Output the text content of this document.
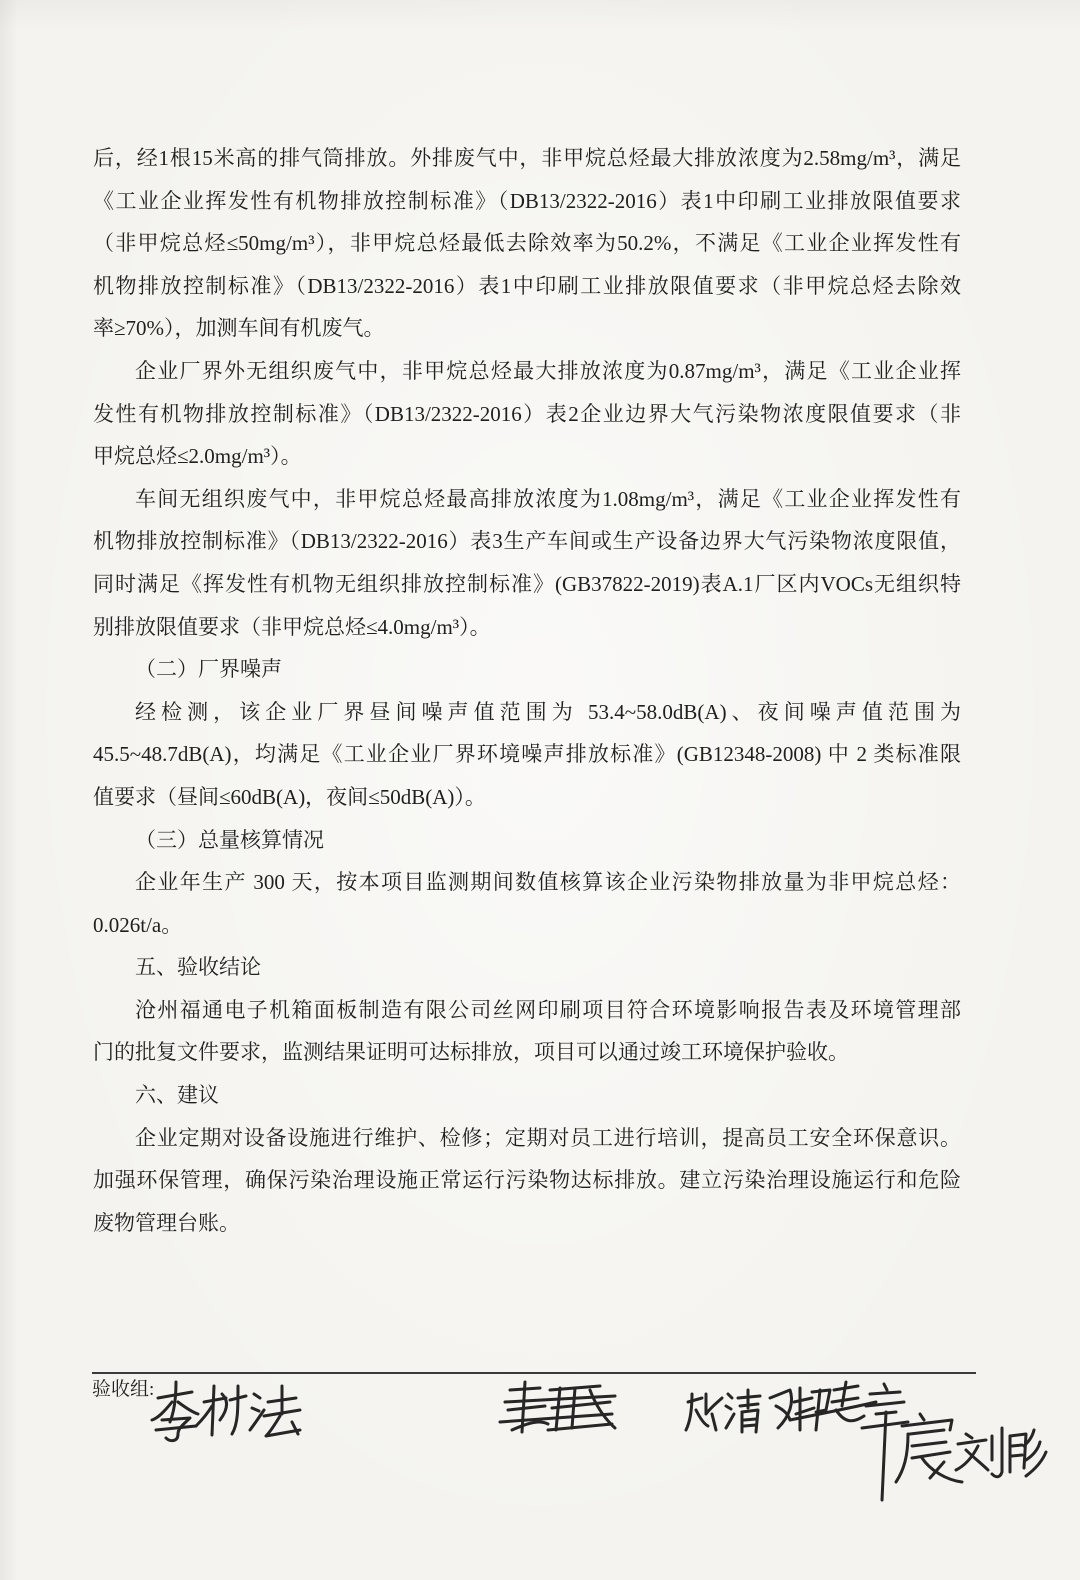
后，经1根15米高的排气筒排放。外排废气中，非甲烷总烃最大排放浓度为2.58mg/m³，满足
《工业企业挥发性有机物排放控制标准》（DB13/2322-2016）表1中印刷工业排放限值要求
（非甲烷总烃≤50mg/m³），非甲烷总烃最低去除效率为50.2%，不满足《工业企业挥发性有
机物排放控制标准》（DB13/2322-2016）表1中印刷工业排放限值要求（非甲烷总烃去除效
率≥70%），加测车间有机废气。
企业厂界外无组织废气中，非甲烷总烃最大排放浓度为0.87mg/m³，满足《工业企业挥
发性有机物排放控制标准》（DB13/2322-2016）表2企业边界大气污染物浓度限值要求（非
甲烷总烃≤2.0mg/m³）。
车间无组织废气中，非甲烷总烃最高排放浓度为1.08mg/m³，满足《工业企业挥发性有
机物排放控制标准》（DB13/2322-2016）表3生产车间或生产设备边界大气污染物浓度限值，
同时满足《挥发性有机物无组织排放控制标准》(GB37822-2019)表A.1厂区内VOCs无组织特
别排放限值要求（非甲烷总烃≤4.0mg/m³）。
（二）厂界噪声
经检测，该企业厂界昼间噪声值范围为 53.4~58.0dB(A)、夜间噪声值范围为
45.5~48.7dB(A)，均满足《工业企业厂界环境噪声排放标准》(GB12348-2008) 中 2 类标准限
值要求（昼间≤60dB(A)，夜间≤50dB(A)）。
（三）总量核算情况
企业年生产 300 天，按本项目监测期间数值核算该企业污染物排放量为非甲烷总烃：
0.026t/a。
五、验收结论
沧州福通电子机箱面板制造有限公司丝网印刷项目符合环境影响报告表及环境管理部
门的批复文件要求，监测结果证明可达标排放，项目可以通过竣工环境保护验收。
六、建议
企业定期对设备设施进行维护、检修；定期对员工进行培训，提高员工安全环保意识。
加强环保管理，确保污染治理设施正常运行污染物达标排放。建立污染治理设施运行和危险
废物管理台账。
验收组:
